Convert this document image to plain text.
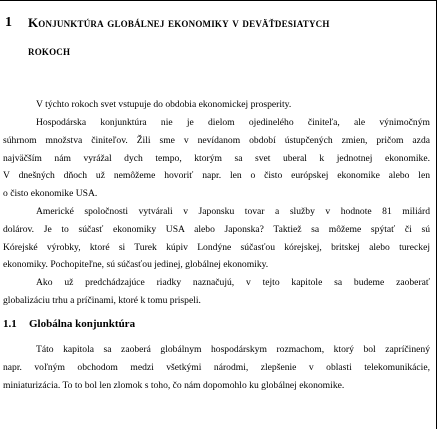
1 Konjunktúra globálnej ekonomiky v deväťdesiatych
rokoch
V týchto rokoch svet vstupuje do obdobia ekonomickej prosperity.
Hospodárska konjunktúra nie je dielom ojedinelého činiteľa, ale výnimočným
súhrnom množstva činiteľov. Žili sme v nevídanom období ústupčených zmien, pričom azda
najväčším nám vyrážal dych tempo, ktorým sa svet uberal k jednotnej ekonomike.
V dnešných dňoch už nemôžeme hovoriť napr. len o čisto európskej ekonomike alebo len
o čisto ekonomike USA.
Americké spoločnosti vytvárali v Japonsku tovar a služby v hodnote 81 miliárd
dolárov. Je to súčasť ekonomiky USA alebo Japonska? Taktiež sa môžeme spýtať či sú
Kórejské výrobky, ktoré si Turek kúpiv Londýne súčasťou kórejskej, britskej alebo tureckej
ekonomiky. Pochopiteľne, sú súčasťou jedinej, globálnej ekonomiky.
Ako už predchádzajúce riadky naznačujú, v tejto kapitole sa budeme zaoberať
globalizáciu trhu a príčinami, ktoré k tomu prispeli.
1.1 Globálna konjunktúra
Táto kapitola sa zaoberá globálnym hospodárskym rozmachom, ktorý bol zapríčinený
napr. voľným obchodom medzi všetkými národmi, zlepšenie v oblasti telekomunikácie,
miniaturizácia. To to bol len zlomok s toho, čo nám dopomohlo ku globálnej ekonomike.
